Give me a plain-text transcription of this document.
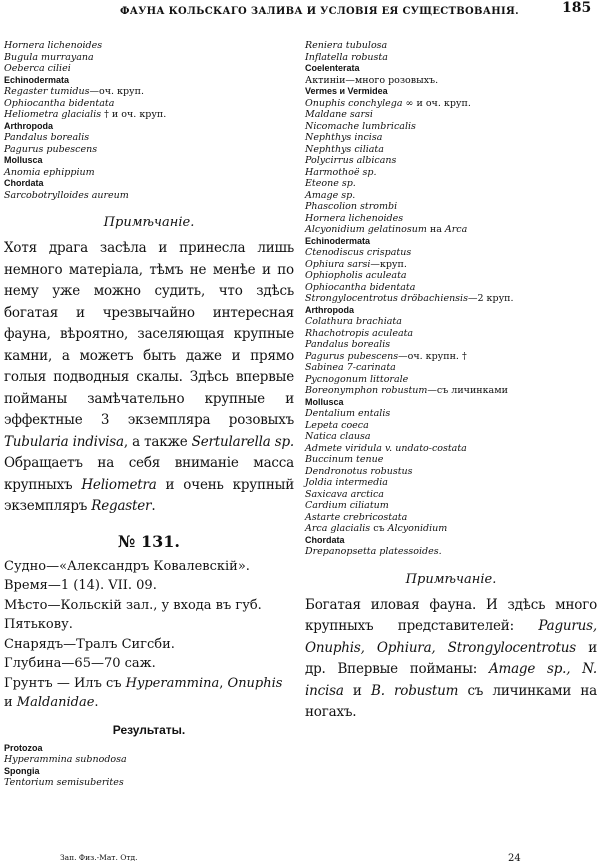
ФАУНА КОЛЬСКАГО ЗАЛИВА И УСЛОВІЯ ЕЯ СУЩЕСТВОВАНІЯ.	185
Hornera lichenoides
Bugula murrayana
Oeberca ciliei
Echinodermata
Regaster tumidus—оч. круп.
Ophiocantha bidentata
Heliometra glacialis † и оч. круп.
Arthropoda
Pandalus borealis
Pagurus pubescens
Mollusca
Anomia ephippium
Chordata
Sarcobotrylloides aureum
Примѣчаніе.
Хотя драга засѣла и принесла лишь немного матеріала, тѣмъ не менѣе и по нему уже можно судить, что здѣсь богатая и чрезвычайно интересная фауна, вѣроятно, заселяющая крупные камни, а можетъ быть даже и прямо голыя подводныя скалы. Здѣсь впервые пойманы замѣчательно крупные и эффектные 3 экземпляра розовыхъ Tubularia indivisa, а также Sertularella sp. Обращаетъ на себя вниманіе масса крупныхъ Heliometra и очень крупный экземпляръ Regaster.
№ 131.
Судно—«Александръ Ковалевскій».
Время—1 (14). VII. 09.
Мѣсто—Кольскій зал., у входа въ губ. Пятькову.
Снарядъ—Тралъ Сигсби.
Глубина—65—70 саж.
Грунтъ — Илъ съ Hyperammina, Onuphis и Maldanidae.
Результаты.
Protozoa
Hyperammina subnodosa
Spongia
Tentorium semisuberites
Reniera tubulosa
Inflatella robusta
Coelenterata
Актиніи—много розовыхъ.
Vermes и Vermidea
Onuphis conchylega ∞ и оч. круп.
Maldane sarsi
Nicomache lumbricalis
Nephthys incisa
Nephthys ciliata
Polycirrus albicans
Harmothoë sp.
Eteone sp.
Amage sp.
Phascolion strombi
Hornera lichenoides
Alcyonidium gelatinosum на Arca
Echinodermata
Ctenodiscus crispatus
Ophiura sarsi—круп.
Ophiopholis aculeata
Ophiocantha bidentata
Strongylocentrotus dröbachiensis—2 круп.
Arthropoda
Colathura brachiata
Rhachotropis aculeata
Pandalus borealis
Pagurus pubescens—оч. крупн. †
Sabinea 7-carinata
Pycnogonum littorale
Boreonymphon robustum—съ личинками
Mollusca
Dentalium entalis
Lepeta coeca
Natica clausa
Admete viridula v. undato-costata
Buccinum tenue
Dendronotus robustus
Joldia intermedia
Saxicava arctica
Cardium ciliatum
Astarte crebricostata
Arca glacialis съ Alcyonidium
Chordata
Drepanopsetta platessoides.
Примѣчаніе.
Богатая иловая фауна. И здѣсь много крупныхъ представителей: Pagurus, Onuphis, Ophiura, Strongylocentrotus и др. Впервые пойманы: Amage sp., N. incisa и B. robustum съ личинками на ногахъ.
Зап. Физ.-Мат. Отд.	24
